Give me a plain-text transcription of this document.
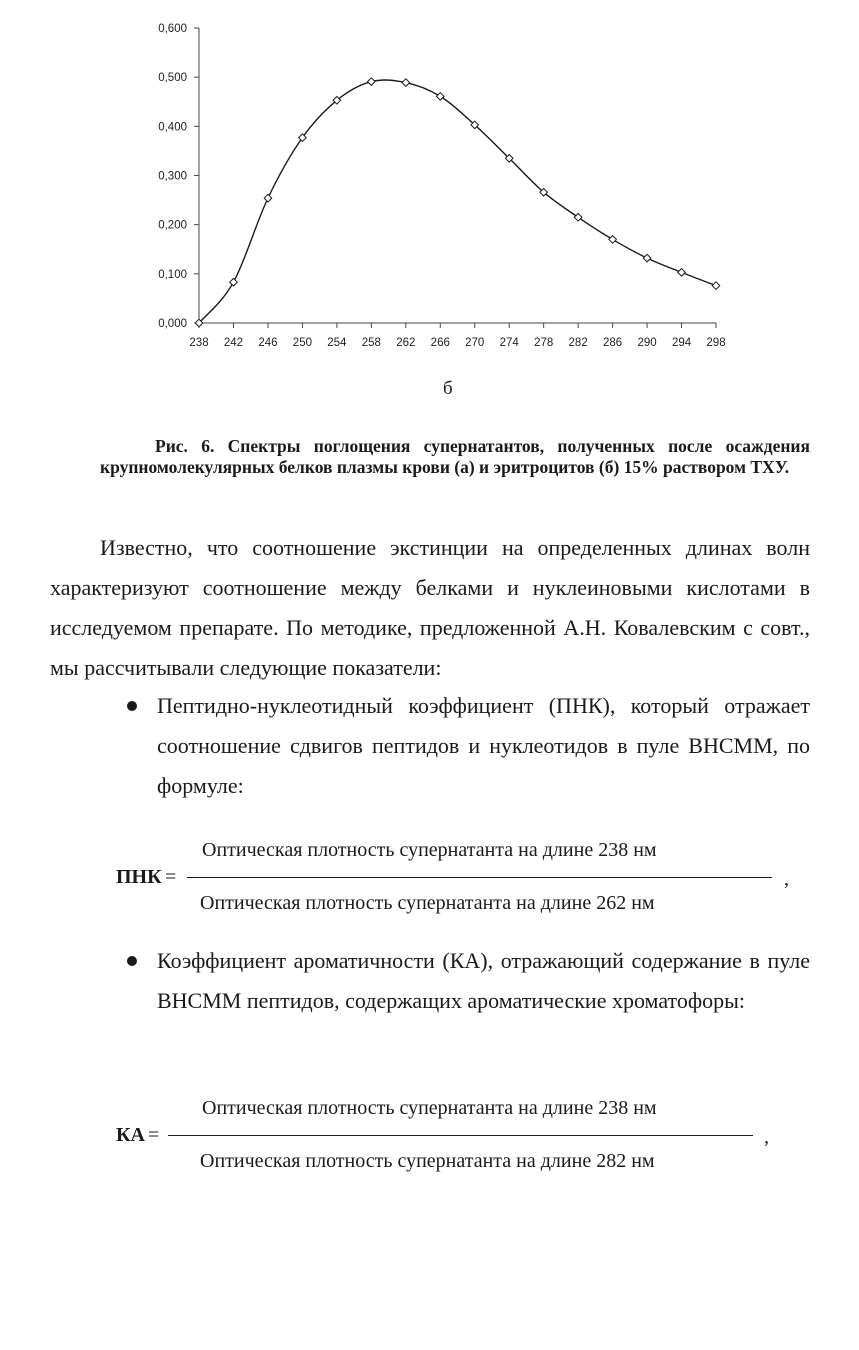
0,000
0,100
0,200
0,300
0,400
0,500
0,600
238 242 246 250 254 258 262 266 270 274 278 282 286 290 294 298
б
Рис. 6. Спектры поглощения супернатантов, полученных после осаждения крупномолекулярных белков плазмы крови (а) и эритроцитов (б) 15% раствором ТХУ.
Известно, что соотношение экстинции на определенных длинах волн характеризуют соотношение между белками и нуклеиновыми кислотами в исследуемом препарате. По методике, предложенной А.Н. Ковалевским с совт., мы рассчитывали следующие показатели:
Пептидно-нуклеотидный коэффициент (ПНК), который отражает соотношение сдвигов пептидов и нуклеотидов в пуле ВНСММ, по формуле:
ПНК =
Оптическая плотность супернатанта на длине 238 нм
Оптическая плотность супернатанта на длине 262 нм
,
Коэффициент ароматичности (КА), отражающий содержание в пуле ВНСММ пептидов, содержащих ароматические хроматофоры:
КА =
Оптическая плотность супернатанта на длине 238 нм
Оптическая плотность супернатанта на длине 282 нм
,
